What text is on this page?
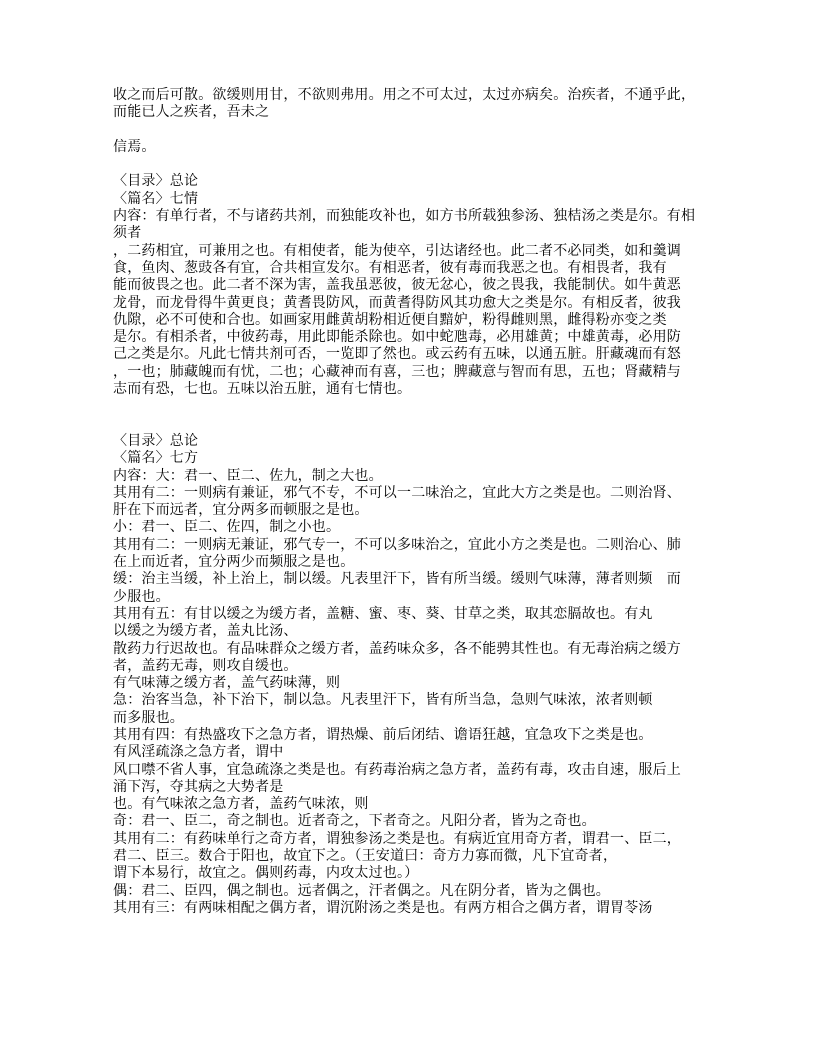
收之而后可散。欲缓则用甘，不欲则弗用。用之不可太过，太过亦病矣。治疾者，不通乎此，
而能已人之疾者，吾未之
信焉。
〈目录〉总论
〈篇名〉七情
内容：有单行者，不与诸药共剂，而独能攻补也，如方书所载独参汤、独桔汤之类是尔。有相
须者
，二药相宜，可兼用之也。有相使者，能为使卒，引达诸经也。此二者不必同类，如和羹调
食，鱼肉、葱豉各有宜，合共相宣发尔。有相恶者，彼有毒而我恶之也。有相畏者，我有
能而彼畏之也。此二者不深为害，盖我虽恶彼，彼无忿心，彼之畏我，我能制伏。如牛黄恶
龙骨，而龙骨得牛黄更良；黄耆畏防风，而黄耆得防风其功愈大之类是尔。有相反者，彼我
仇隙，必不可使和合也。如画家用雌黄胡粉相近便自黯妒，粉得雌则黑，雌得粉亦变之类
是尔。有相杀者，中彼药毒，用此即能杀除也。如中蛇虺毒，必用雄黄；中雄黄毒，必用防
己之类是尔。凡此七情共剂可否，一览即了然也。或云药有五味，以通五脏。肝藏魂而有怒
，一也；肺藏魄而有忧，二也；心藏神而有喜，三也；脾藏意与智而有思，五也；肾藏精与
志而有恐，七也。五味以治五脏，通有七情也。
〈目录〉总论
〈篇名〉七方
内容：大：君一、臣二、佐九，制之大也。
其用有二：一则病有兼证，邪气不专，不可以一二味治之，宜此大方之类是也。二则治肾、
肝在下而远者，宜分两多而顿服之是也。
小：君一、臣二、佐四，制之小也。
其用有二：一则病无兼证，邪气专一，不可以多味治之，宜此小方之类是也。二则治心、肺
在上而近者，宜分两少而频服之是也。
缓：治主当缓，补上治上，制以缓。凡表里汗下，皆有所当缓。缓则气味薄，薄者则频　而
少服也。
其用有五：有甘以缓之为缓方者，盖糖、蜜、枣、葵、甘草之类，取其恋膈故也。有丸
以缓之为缓方者，盖丸比汤、
散药力行迟故也。有品味群众之缓方者，盖药味众多，各不能骋其性也。有无毒治病之缓方
者，盖药无毒，则攻自缓也。
有气味薄之缓方者，盖气药味薄，则
急：治客当急，补下治下，制以急。凡表里汗下，皆有所当急，急则气味浓，浓者则顿
而多服也。
其用有四：有热盛攻下之急方者，谓热燥、前后闭结、谵语狂越，宜急攻下之类是也。
有风淫疏涤之急方者，谓中
风口噤不省人事，宜急疏涤之类是也。有药毒治病之急方者，盖药有毒，攻击自速，服后上
涌下泻，夺其病之大势者是
也。有气味浓之急方者，盖药气味浓，则
奇：君一、臣二，奇之制也。近者奇之，下者奇之。凡阳分者，皆为之奇也。
其用有二：有药味单行之奇方者，谓独参汤之类是也。有病近宜用奇方者，谓君一、臣二，
君二、臣三。数合于阳也，故宜下之。（王安道曰：奇方力寡而微，凡下宜奇者，
谓下本易行，故宜之。偶则药毒，内攻太过也。）
偶：君二、臣四，偶之制也。远者偶之，汗者偶之。凡在阴分者，皆为之偶也。
其用有三：有两味相配之偶方者，谓沉附汤之类是也。有两方相合之偶方者，谓胃苓汤
